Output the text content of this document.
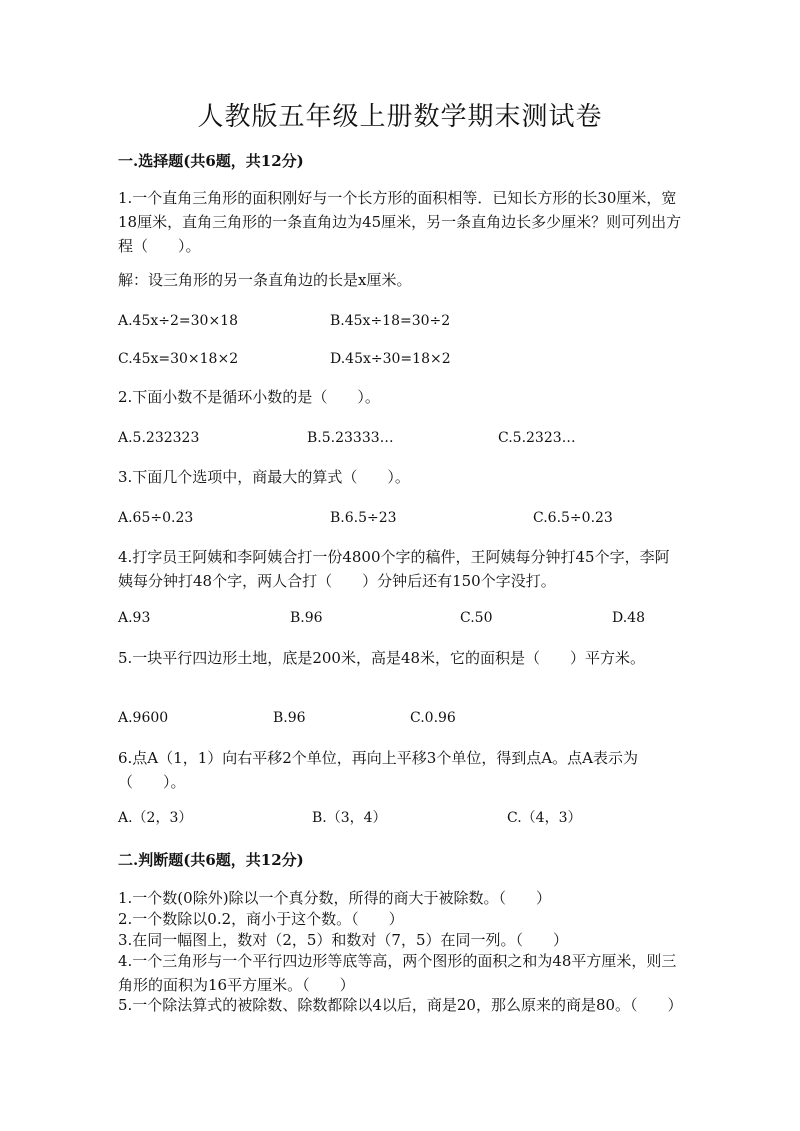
人教版五年级上册数学期末测试卷
一.选择题(共6题，共12分)
1.一个直角三角形的面积刚好与一个长方形的面积相等．已知长方形的长30厘米，宽18厘米，直角三角形的一条直角边为45厘米，另一条直角边长多少厘米？则可列出方程（　　）。
解：设三角形的另一条直角边的长是x厘米。
A.45x÷2=30×18	B.45x÷18=30÷2
C.45x=30×18×2	D.45x÷30=18×2
2.下面小数不是循环小数的是（　　）。
A.5.232323	B.5.23333…	C.5.2323…
3.下面几个选项中，商最大的算式（　　）。
A.65÷0.23	B.6.5÷23	C.6.5÷0.23
4.打字员王阿姨和李阿姨合打一份4800个字的稿件，王阿姨每分钟打45个字，李阿姨每分钟打48个字，两人合打（　　）分钟后还有150个字没打。
A.93	B.96	C.50	D.48
5.一块平行四边形土地，底是200米，高是48米，它的面积是（　　）平方米。
A.9600	B.96	C.0.96
6.点A（1，1）向右平移2个单位，再向上平移3个单位，得到点A。点A表示为（　　）。
A.（2，3）	B.（3，4）	C.（4，3）
二.判断题(共6题，共12分)
1.一个数(0除外)除以一个真分数，所得的商大于被除数。（　　）
2.一个数除以0.2，商小于这个数。（　　）
3.在同一幅图上，数对（2，5）和数对（7，5）在同一列。（　　）
4.一个三角形与一个平行四边形等底等高，两个图形的面积之和为48平方厘米，则三角形的面积为16平方厘米。（　　）
5.一个除法算式的被除数、除数都除以4以后，商是20，那么原来的商是80。（　　）
